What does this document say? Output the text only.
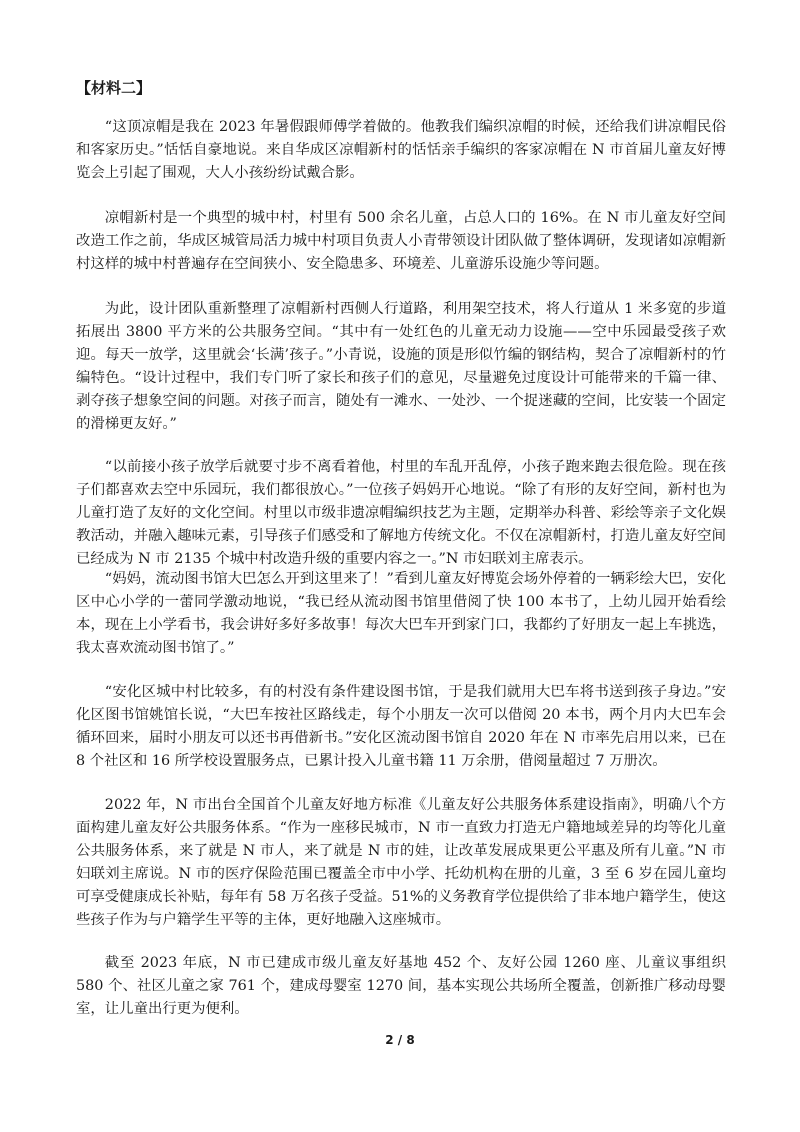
【材料二】

“这顶凉帽是我在 2023 年暑假跟师傅学着做的。他教我们编织凉帽的时候，还给我们讲凉帽民俗和客家历史。”恬恬自豪地说。来自华成区凉帽新村的恬恬亲手编织的客家凉帽在 N 市首届儿童友好博览会上引起了围观，大人小孩纷纷试戴合影。

凉帽新村是一个典型的城中村，村里有 500 余名儿童，占总人口的 16%。在 N 市儿童友好空间改造工作之前，华成区城管局活力城中村项目负责人小青带领设计团队做了整体调研，发现诸如凉帽新村这样的城中村普遍存在空间狭小、安全隐患多、环境差、儿童游乐设施少等问题。

为此，设计团队重新整理了凉帽新村西侧人行道路，利用架空技术，将人行道从 1 米多宽的步道拓展出 3800 平方米的公共服务空间。“其中有一处红色的儿童无动力设施——空中乐园最受孩子欢迎。每天一放学，这里就会‘长满’孩子。”小青说，设施的顶是形似竹编的钢结构，契合了凉帽新村的竹编特色。“设计过程中，我们专门听了家长和孩子们的意见，尽量避免过度设计可能带来的千篇一律、剥夺孩子想象空间的问题。对孩子而言，随处有一滩水、一处沙、一个捉迷藏的空间，比安装一个固定的滑梯更友好。”

“以前接小孩子放学后就要寸步不离看着他，村里的车乱开乱停，小孩子跑来跑去很危险。现在孩子们都喜欢去空中乐园玩，我们都很放心。”一位孩子妈妈开心地说。“除了有形的友好空间，新村也为儿童打造了友好的文化空间。村里以市级非遗凉帽编织技艺为主题，定期举办科普、彩绘等亲子文化娱教活动，并融入趣味元素，引导孩子们感受和了解地方传统文化。不仅在凉帽新村，打造儿童友好空间已经成为 N 市 2135 个城中村改造升级的重要内容之一。”N 市妇联刘主席表示。

“妈妈，流动图书馆大巴怎么开到这里来了！”看到儿童友好博览会场外停着的一辆彩绘大巴，安化区中心小学的一蕾同学激动地说，“我已经从流动图书馆里借阅了快 100 本书了，上幼儿园开始看绘本，现在上小学看书，我会讲好多好多故事！每次大巴车开到家门口，我都约了好朋友一起上车挑选，我太喜欢流动图书馆了。”

“安化区城中村比较多，有的村没有条件建设图书馆，于是我们就用大巴车将书送到孩子身边。”安化区图书馆姚馆长说，“大巴车按社区路线走，每个小朋友一次可以借阅 20 本书，两个月内大巴车会循环回来，届时小朋友可以还书再借新书。”安化区流动图书馆自 2020 年在 N 市率先启用以来，已在 8 个社区和 16 所学校设置服务点，已累计投入儿童书籍 11 万余册，借阅量超过 7 万册次。

2022 年，N 市出台全国首个儿童友好地方标准《儿童友好公共服务体系建设指南》，明确八个方面构建儿童友好公共服务体系。“作为一座移民城市，N 市一直致力打造无户籍地域差异的均等化儿童公共服务体系，来了就是 N 市人，来了就是 N 市的娃，让改革发展成果更公平惠及所有儿童。”N 市妇联刘主席说。N 市的医疗保险范围已覆盖全市中小学、托幼机构在册的儿童，3 至 6 岁在园儿童均可享受健康成长补贴，每年有 58 万名孩子受益。51%的义务教育学位提供给了非本地户籍学生，使这些孩子作为与户籍学生平等的主体，更好地融入这座城市。

截至 2023 年底，N 市已建成市级儿童友好基地 452 个、友好公园 1260 座、儿童议事组织 580 个、社区儿童之家 761 个，建成母婴室 1270 间，基本实现公共场所全覆盖，创新推广移动母婴室，让儿童出行更为便利。

2 / 8
